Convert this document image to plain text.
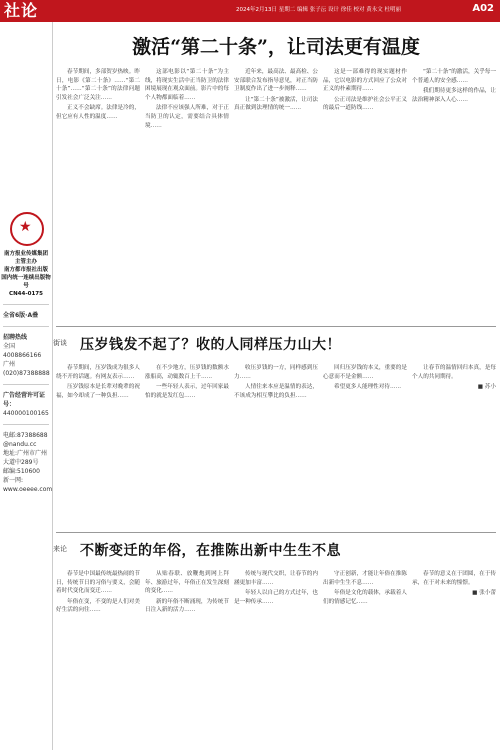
社论	2024年2月13日 星期二 编辑 张子沄 设计 徐佳 校对 黄永文 杜明丽	A02
★
南方报业传媒集团
主管主办
南方都市报社出版
国内统一连续出版物号
CN44-0175
全省6版·A叠
招聘热线
全国4008866166
广州(020)87388888
广告经营许可证号：
440000100165
电邮:87388688
@nandu.cc
地址:广州市广州大道中289号
邮编:510600
新一网:
www.oeeee.com
激活“第二十条”，让司法更有温度

春节期间，多部贺岁热映。昨日，电影《第二十条》……“第二十条”……“第二十条”的法律问题引发社会广泛关注……

正义不会缺席。法律是冷的，但它应有人性的温度……

这部电影以“第二十条”为主线，将现实生活中正当防卫的法律困境展现在观众面前。影片中的每个人物都面临着……

法律不应该强人所难，对于正当防卫的认定，需要结合具体情境……

近年来，最高法、最高检、公安部联合发布指导意见，对正当防卫制度作出了进一步阐释……

让“第二十条”被激活，让司法真正做到法理情的统一……

这是一部难得的现实题材作品，它以电影的方式回应了公众对正义的朴素期待……

公正司法是维护社会公平正义的最后一道防线……

“第二十条”的激活，关乎每一个普通人的安全感……

我们期待更多这样的作品，让法治精神深入人心……

街谈 压岁钱发不起了？收的人同样压力山大！

春节期间，压岁钱成为很多人绕不开的话题。有网友表示……

压岁钱原本是长辈对晚辈的祝福，如今却成了一种负担……

在不少地方，压岁钱的数额水涨船高，动辄数百上千……

一些年轻人表示，过年回家最怕的就是发红包……

收压岁钱的一方，同样感到压力……

人情往来本应是温情的表达，不该成为相互攀比的负担……

回归压岁钱的本义，重要的是心意而不是金额……

希望更多人能理性对待……

让春节的温情回归本真，是每个人的共同期待。

■ 苏小

来论 不断变迁的年俗，在推陈出新中生生不息

春节是中国最传统最热闹的节日，传统节日的习俗与要义，会随着时代变化而变迁……

年俗在变，不变的是人们对美好生活的向往……

从贴春联、放鞭炮到网上拜年、旅游过年，年俗正在发生深刻的变化……

新的年俗不断涌现，为传统节日注入新的活力……

传统与现代交织，让春节的内涵更加丰富……

年轻人以自己的方式过年，也是一种传承……

守正创新，才能让年俗在推陈出新中生生不息……

年俗是文化的载体，承载着人们的情感记忆……

春节的意义在于团圆，在于传承，在于对未来的憧憬。

■ 张小蕾
